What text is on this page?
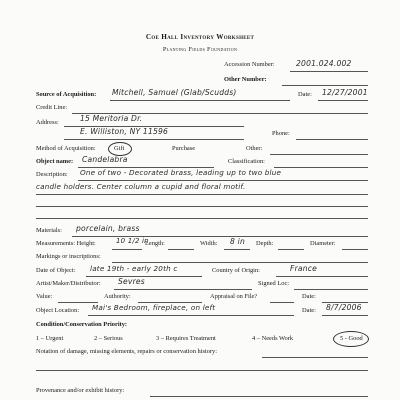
Coe Hall Inventory Worksheet
Planting Fields Foundation
Accession Number:	2001.024.002
Other Number:
Source of Acquisition: Mitchell, Samuel (Glab/Scudds)	Date: 12/27/2001
Credit Line:
Address:	15 Meritoria Dr.
E. Williston, NY 11596	Phone:
Method of Acquisition:	Gift	Purchase	Other:
Object name: Candelabra	Classification:
Description: One of two - Decorated brass, leading up to two blue
candle holders. Center column a cupid and floral motif.
Materials: porcelain, brass
Measurements: Height:	10 1/2 in
Length:	Width: 8 in Depth:	Diameter:
Markings or inscriptions:
Date of Object: late 19th - early 20th c	Country of Origin:	France
Artist/Maker/Distributor: Sevres	Signed Loc:
Value:	Authority:	Appraisal on File?	Date:
Object Location: Mai's Bedroom, fireplace, on left	Date: 8/7/2006
Condition/Conservation Priority:
1 – Urgent	2 – Serious	3 – Requires Treatment	4 – Needs Work	5 - Good
Notation of damage, missing elements, repairs or conservation history:
Provenance and/or exhibit history:
